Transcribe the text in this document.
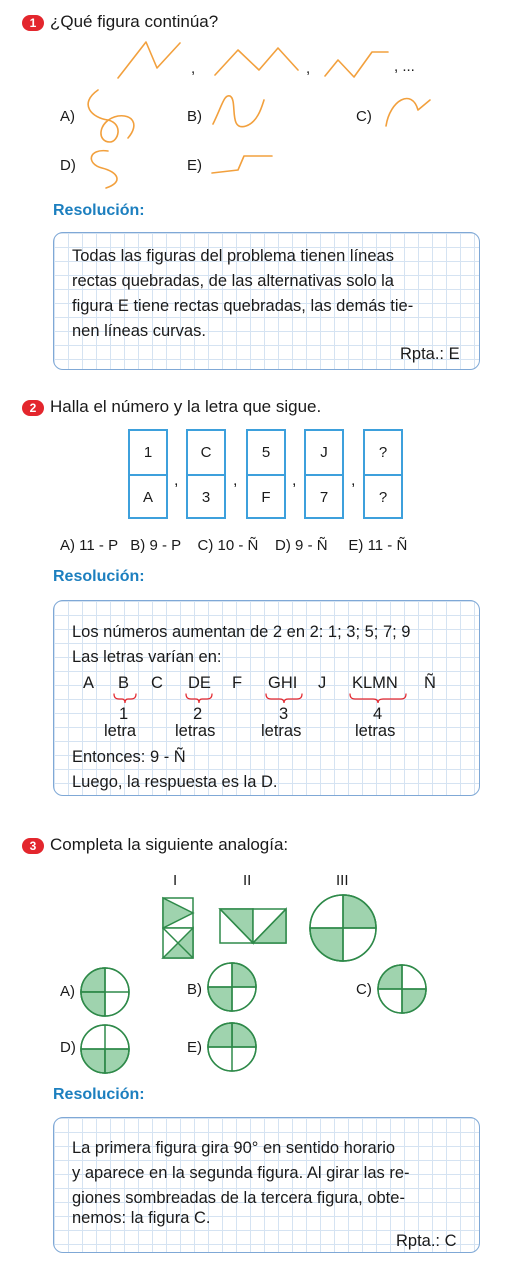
1 ¿Qué figura continúa?
,	,	, ...
A)	B)	C)
D)	E)
Resolución:
Todas las figuras del problema tienen líneas
rectas quebradas, de las alternativas solo la
figura E tiene rectas quebradas, las demás tie-
nen líneas curvas.
Rpta.: E
2 Halla el número y la letra que sigue.
1
A
C
3
5
F
J
7
?
?
,	,	,	,
A) 11 - P   B) 9 - P    C) 10 - Ñ    D) 9 - Ñ     E) 11 - Ñ
Resolución:
Los números aumentan de 2 en 2: 1; 3; 5; 7; 9
Las letras varían en:
A B C DE F GHI J KLMN Ñ
1	2	3	4
letra letras	letras	letras
Entonces: 9 - Ñ
Luego, la respuesta es la D.
3 Completa la siguiente analogía:
I	II	III
A)	B)	C)
D)	E)
Resolución:
La primera figura gira 90° en sentido horario
y aparece en la segunda figura. Al girar las re-
giones sombreadas de la tercera figura, obte-
nemos: la figura C.
Rpta.: C
